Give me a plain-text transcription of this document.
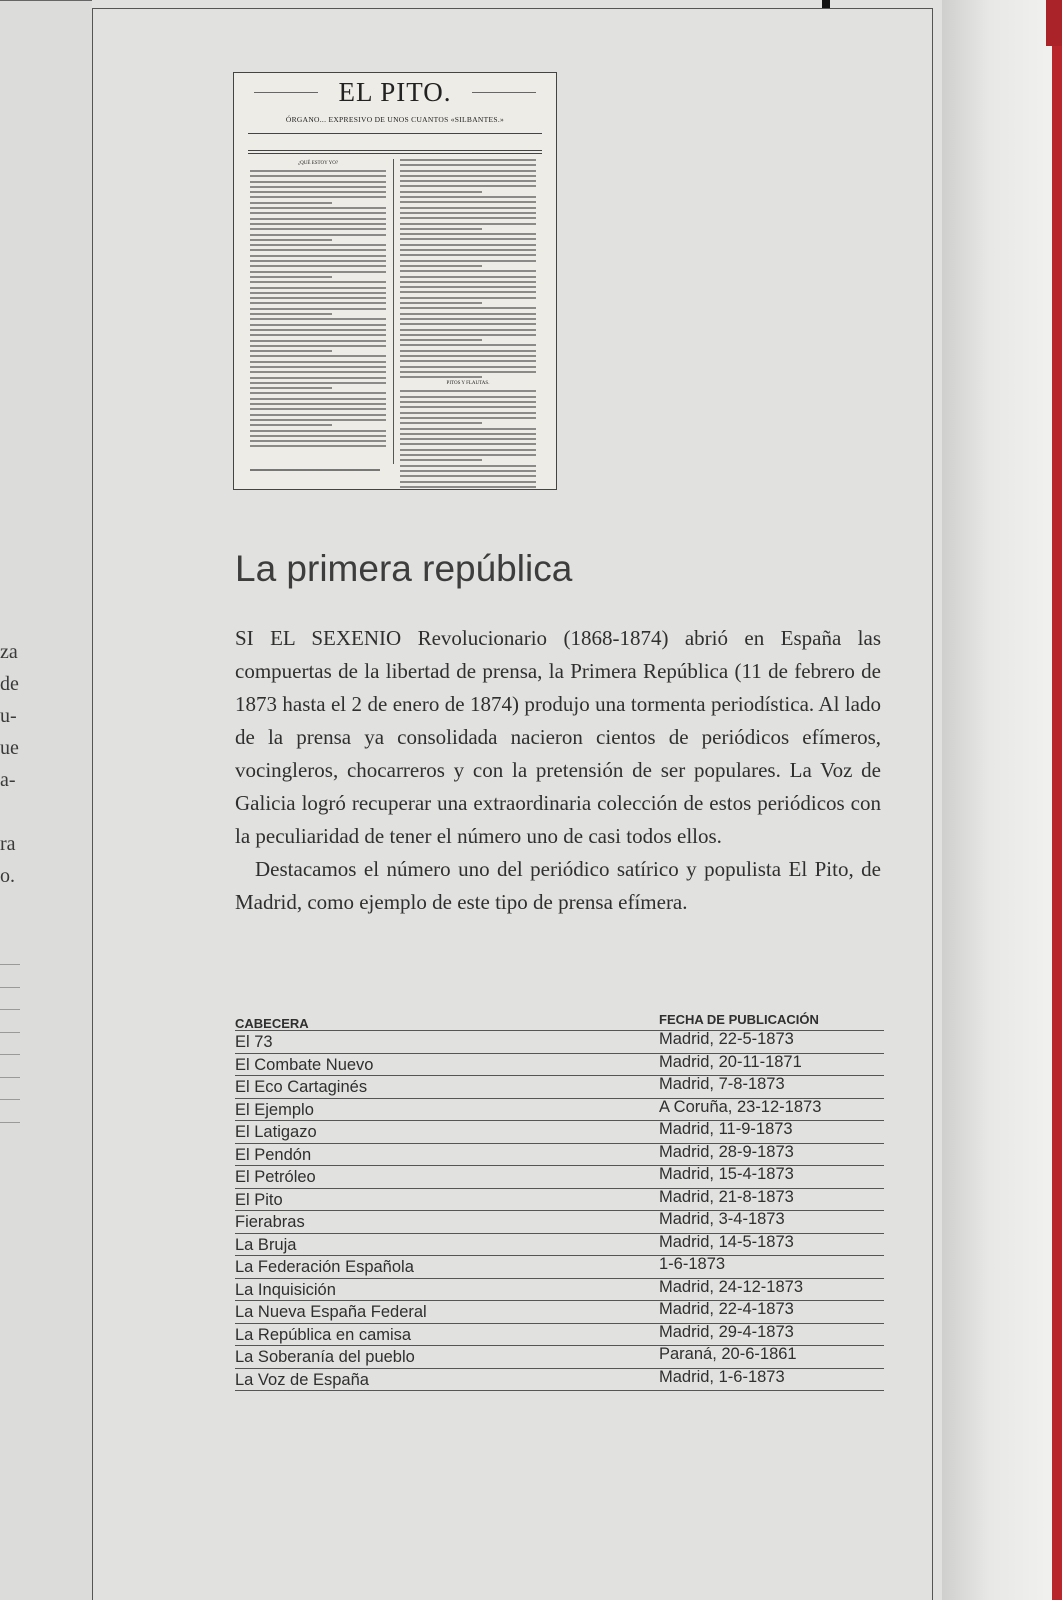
za
de
u-
ue
a-
ra
o.
EL PITO.
ÓRGANO... EXPRESIVO DE UNOS CUANTOS «SILBANTES.»
¿QUÉ ESTOY YO?
PITOS Y FLAUTAS.
La primera república

SI EL SEXENIO Revolucionario (1868-1874) abrió en España las compuertas de la libertad de prensa, la Primera República (11 de febrero de 1873 hasta el 2 de enero de 1874) produjo una tormenta periodística. Al lado de la prensa ya consolidada nacieron cientos de periódicos efímeros, vocingleros, chocarreros y con la pretensión de ser populares. La Voz de Galicia logró recuperar una extraordinaria colección de estos periódicos con la peculiaridad de tener el número uno de casi todos ellos.

Destacamos el número uno del periódico satírico y populista El Pito, de Madrid, como ejemplo de este tipo de prensa efímera.

CABECERA	FECHA DE PUBLICACIÓN
El 73	Madrid, 22-5-1873
El Combate Nuevo	Madrid, 20-11-1871
El Eco Cartaginés	Madrid, 7-8-1873
El Ejemplo	A Coruña, 23-12-1873
El Latigazo	Madrid, 11-9-1873
El Pendón	Madrid, 28-9-1873
El Petróleo	Madrid, 15-4-1873
El Pito	Madrid, 21-8-1873
Fierabras	Madrid, 3-4-1873
La Bruja	Madrid, 14-5-1873
La Federación Española	1-6-1873
La Inquisición	Madrid, 24-12-1873
La Nueva España Federal	Madrid, 22-4-1873
La República en camisa	Madrid, 29-4-1873
La Soberanía del pueblo	Paraná, 20-6-1861
La Voz de España	Madrid, 1-6-1873
